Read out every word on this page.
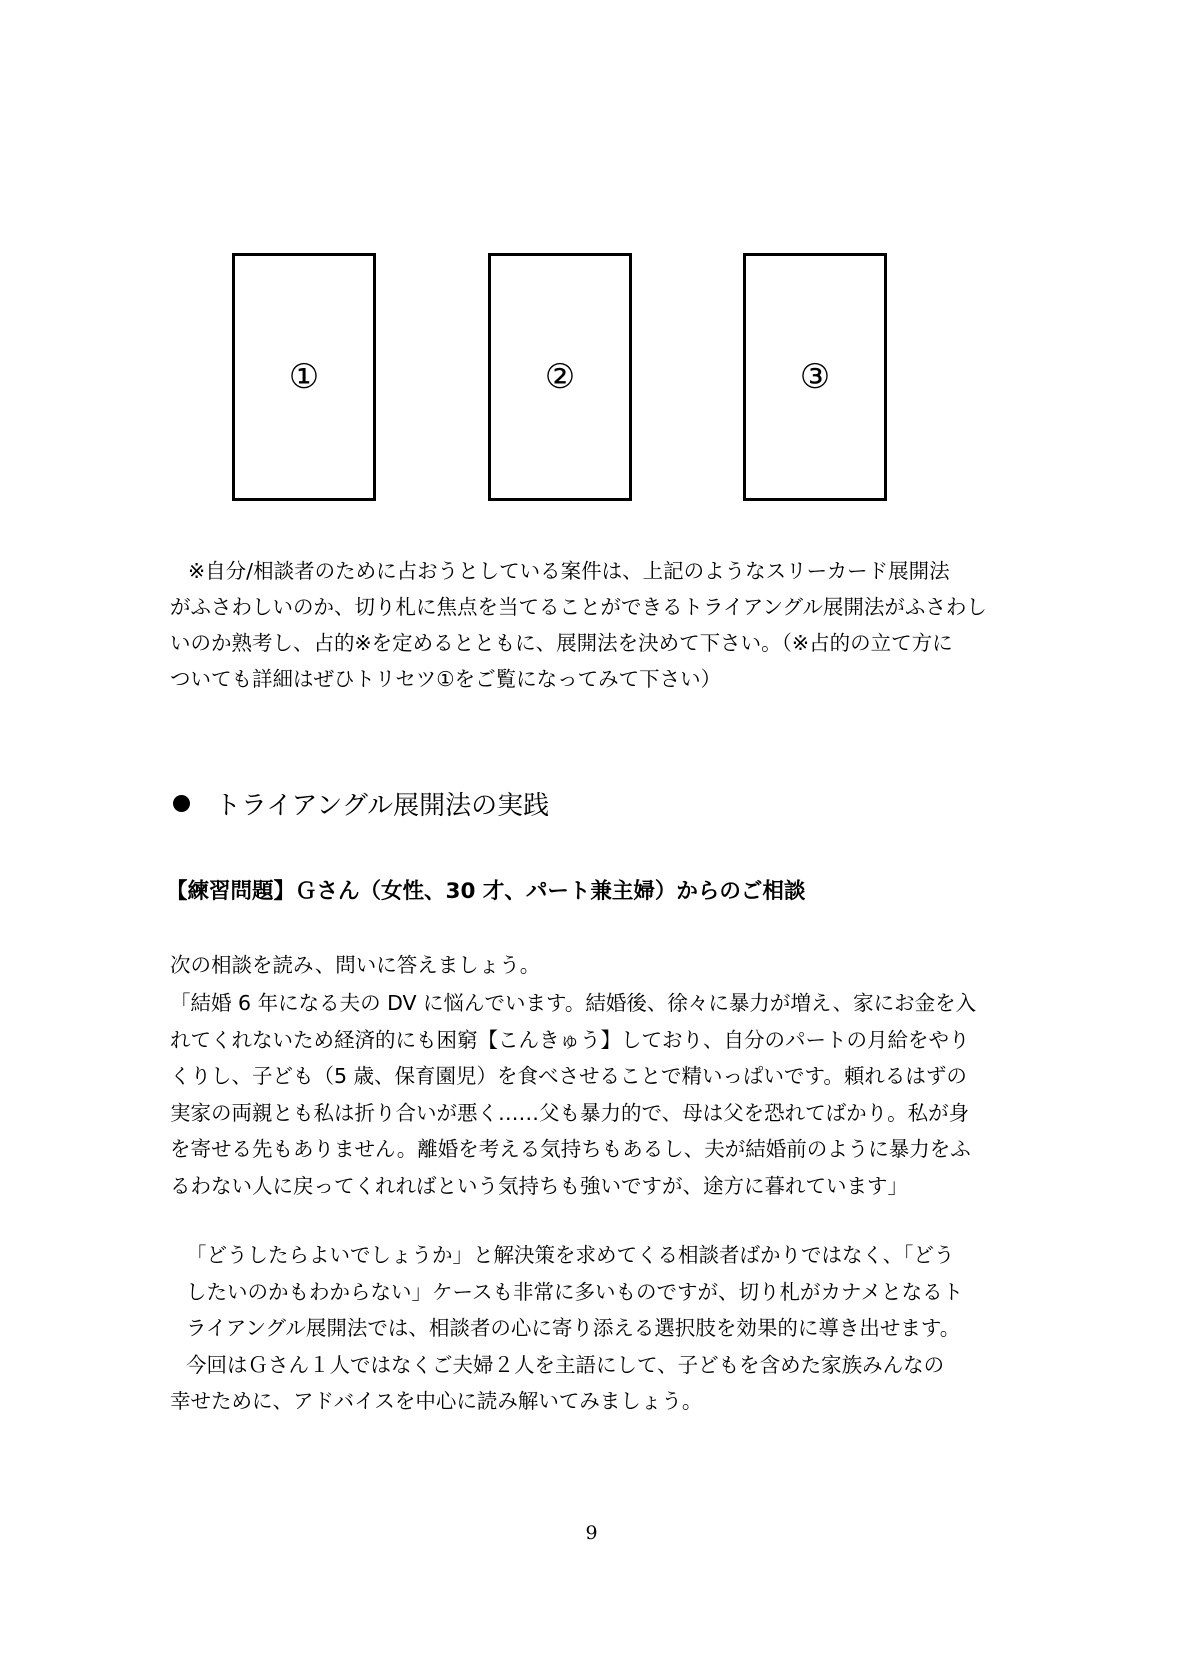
①	②	③
※自分/相談者のために占おうとしている案件は、上記のようなスリーカード展開法
がふさわしいのか、切り札に焦点を当てることができるトライアングル展開法がふさわし
いのか熟考し、占的※を定めるとともに、展開法を決めて下さい。（※占的の立て方に
ついても詳細はぜひトリセツ①をご覧になってみて下さい）
トライアングル展開法の実践
【練習問題】Ｇさん（女性、30 才、パート兼主婦）からのご相談
次の相談を読み、問いに答えましょう。
「結婚 6 年になる夫の DV に悩んでいます。結婚後、徐々に暴力が増え、家にお金を入
れてくれないため経済的にも困窮【こんきゅう】しており、自分のパートの月給をやり
くりし、子ども（5 歳、保育園児）を食べさせることで精いっぱいです。頼れるはずの
実家の両親とも私は折り合いが悪く……父も暴力的で、母は父を恐れてばかり。私が身
を寄せる先もありません。離婚を考える気持ちもあるし、夫が結婚前のように暴力をふ
るわない人に戻ってくれればという気持ちも強いですが、途方に暮れています」
「どうしたらよいでしょうか」と解決策を求めてくる相談者ばかりではなく、「どう
したいのかもわからない」ケースも非常に多いものですが、切り札がカナメとなるト
ライアングル展開法では、相談者の心に寄り添える選択肢を効果的に導き出せます。
今回はＧさん１人ではなくご夫婦２人を主語にして、子どもを含めた家族みんなの
幸せために、アドバイスを中心に読み解いてみましょう。
9
